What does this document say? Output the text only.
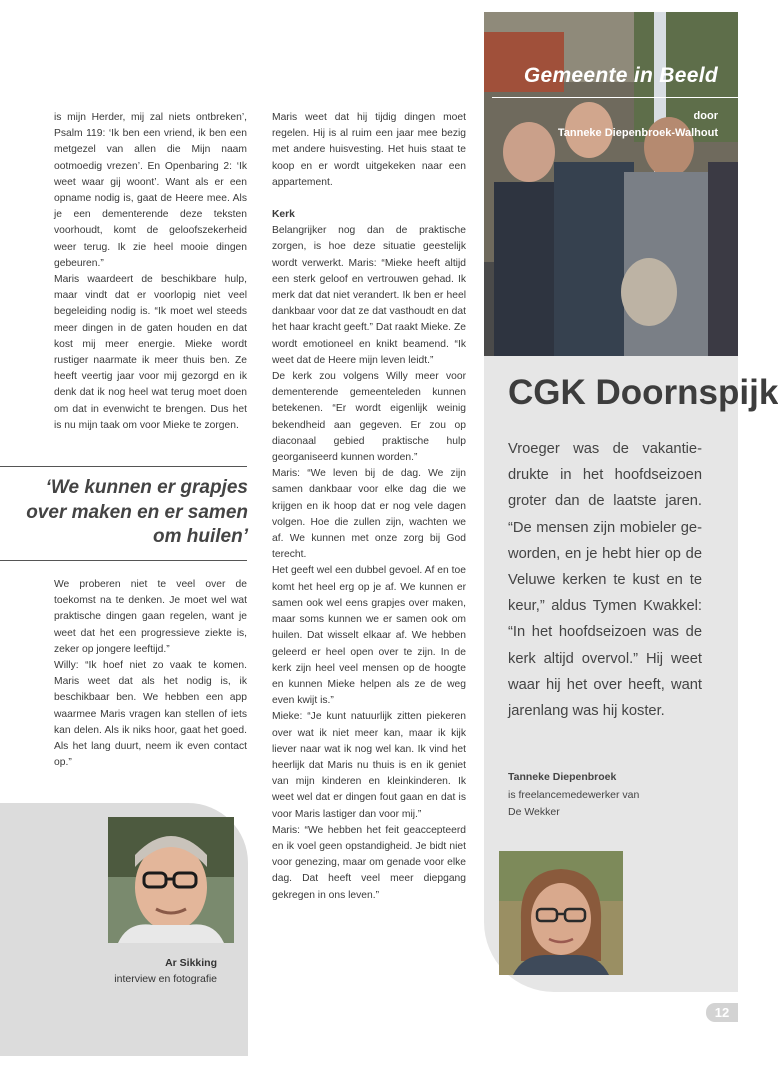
is mijn Herder, mij zal niets ontbreken’, Psalm 119: ‘Ik ben een vriend, ik ben een metgezel van allen die Mijn naam ootmoedig vrezen’. En Openbaring 2: ‘Ik weet waar gij woont’. Want als er een opname nodig is, gaat de Heere mee. Als je een dementerende deze teksten voorhoudt, komt de geloofszekerheid weer terug. Ik zie heel mooie dingen gebeuren.”

Maris waardeert de beschikbare hulp, maar vindt dat er voorlopig niet veel begeleiding nodig is. “Ik moet wel steeds meer dingen in de gaten houden en dat kost mij meer energie. Mieke wordt rustiger naarmate ik meer thuis ben. Ze heeft veertig jaar voor mij gezorgd en ik denk dat ik nog heel wat terug moet doen om dat in evenwicht te brengen. Dus het is nu mijn taak om voor Mieke te zorgen.

‘We kunnen er grapjes over maken en er samen om huilen’

We proberen niet te veel over de toekomst na te denken. Je moet wel wat praktische dingen gaan regelen, want je weet dat het een progressieve ziekte is, zeker op jongere leeftijd.”

Willy: “Ik hoef niet zo vaak te komen. Maris weet dat als het nodig is, ik beschikbaar ben. We hebben een app waarmee Maris vragen kan stellen of iets kan delen. Als ik niks hoor, gaat het goed. Als het lang duurt, neem ik even contact op.”

Maris weet dat hij tijdig dingen moet regelen. Hij is al ruim een jaar mee bezig met andere huisvesting. Het huis staat te koop en er wordt uitgekeken naar een appartement.

Kerk

Belangrijker nog dan de praktische zorgen, is hoe deze situatie geestelijk wordt verwerkt. Maris: “Mieke heeft altijd een sterk geloof en vertrouwen gehad. Ik merk dat dat niet verandert. Ik ben er heel dankbaar voor dat ze dat vasthoudt en dat het haar kracht geeft.” Dat raakt Mieke. Ze wordt emotioneel en knikt beamend. “Ik weet dat de Heere mijn leven leidt.”

De kerk zou volgens Willy meer voor dementerende gemeenteleden kunnen betekenen. “Er wordt eigenlijk weinig bekendheid aan gegeven. Er zou op diaconaal gebied praktische hulp georganiseerd kunnen worden.”

Maris: “We leven bij de dag. We zijn samen dankbaar voor elke dag die we krijgen en ik hoop dat er nog vele dagen volgen. Hoe die zullen zijn, wachten we af. We kunnen met onze zorg bij God terecht.

Het geeft wel een dubbel gevoel. Af en toe komt het heel erg op je af. We kunnen er samen ook wel eens grapjes over maken, maar soms kunnen we er samen ook om huilen. Dat wisselt elkaar af. We hebben geleerd er heel open over te zijn. In de kerk zijn heel veel mensen op de hoogte en kunnen Mieke helpen als ze de weg even kwijt is.”

Mieke: “Je kunt natuurlijk zitten piekeren over wat ik niet meer kan, maar ik kijk liever naar wat ik nog wel kan. Ik vind het heerlijk dat Maris nu thuis is en ik geniet van mijn kinderen en kleinkinderen. Ik weet wel dat er dingen fout gaan en dat is voor Maris lastiger dan voor mij.”

Maris: “We hebben het feit geaccepteerd en ik voel geen opstandigheid. Je bidt niet voor genezing, maar om genade voor elke dag. Dat heeft veel meer diepgang gekregen in ons leven.”

Ar Sikking
interview en fotografie
Gemeente in Beeld
door
Tanneke Diepenbroek-Walhout
CGK Doornspijk
Vroeger was de vakantiedrukte in het hoofdseizoen groter dan de laatste jaren. “De mensen zijn mobieler geworden, en je hebt hier op de Veluwe kerken te kust en te keur,” aldus Tymen Kwakkel: “In het hoofdseizoen was de kerk altijd overvol.” Hij weet waar hij het over heeft, want jarenlang was hij koster.
Tanneke Diepenbroek
is freelancemedewerker van
De Wekker
12
